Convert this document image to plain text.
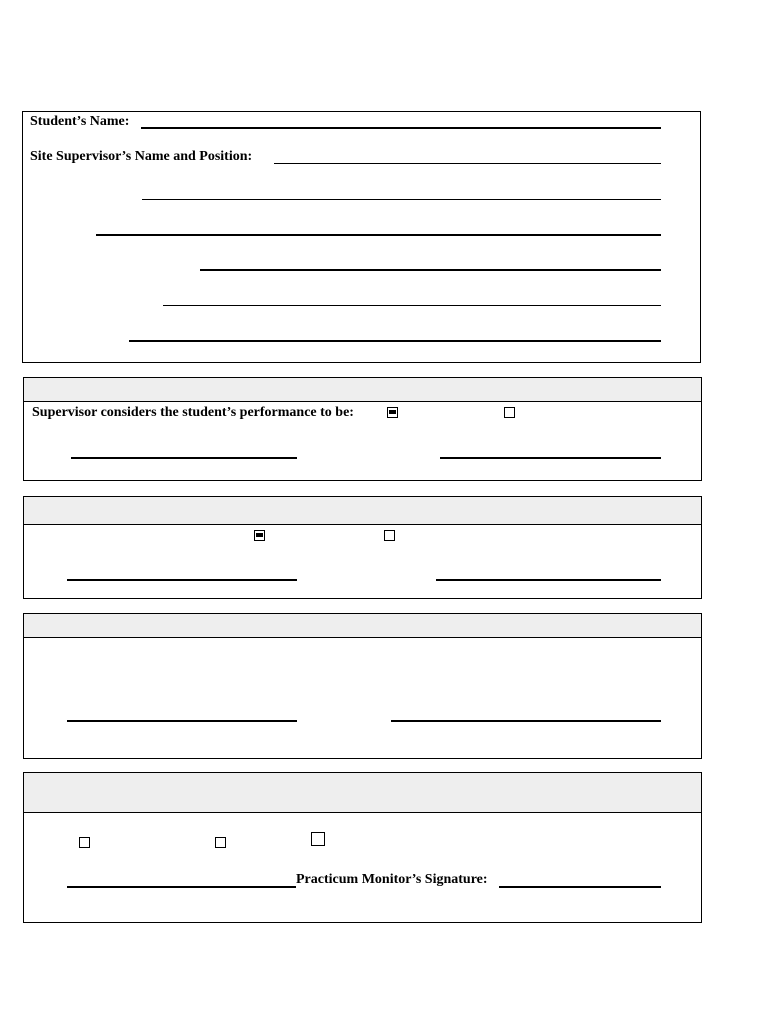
Student’s Name:
Site Supervisor’s Name and Position:
Supervisor considers the student’s performance to be:
Practicum Monitor’s Signature:
